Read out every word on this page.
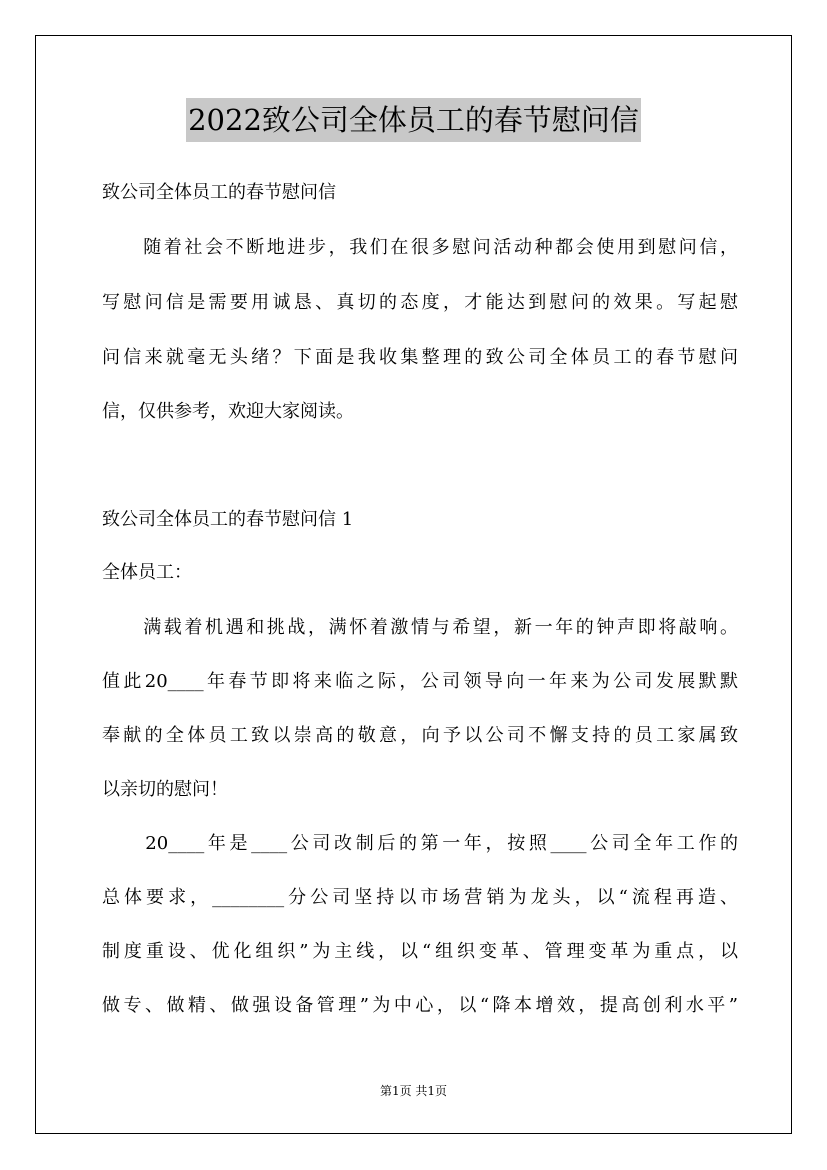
2022致公司全体员工的春节慰问信
致公司全体员工的春节慰问信
　　随着社会不断地进步，我们在很多慰问活动种都会使用到慰问信，
写慰问信是需要用诚恳、真切的态度，才能达到慰问的效果。写起慰
问信来就毫无头绪？下面是我收集整理的致公司全体员工的春节慰问
信，仅供参考，欢迎大家阅读。
致公司全体员工的春节慰问信 1
全体员工：
　　满载着机遇和挑战，满怀着激情与希望，新一年的钟声即将敲响。
值此20____年春节即将来临之际，公司领导向一年来为公司发展默默
奉献的全体员工致以崇高的敬意，向予以公司不懈支持的员工家属致
以亲切的慰问！
　　20____年是____公司改制后的第一年，按照____公司全年工作的
总体要求，________分公司坚持以市场营销为龙头，以“流程再造、
制度重设、优化组织”为主线，以“组织变革、管理变革为重点，以
做专、做精、做强设备管理”为中心，以“降本增效，提高创利水平”
第1页 共1页
